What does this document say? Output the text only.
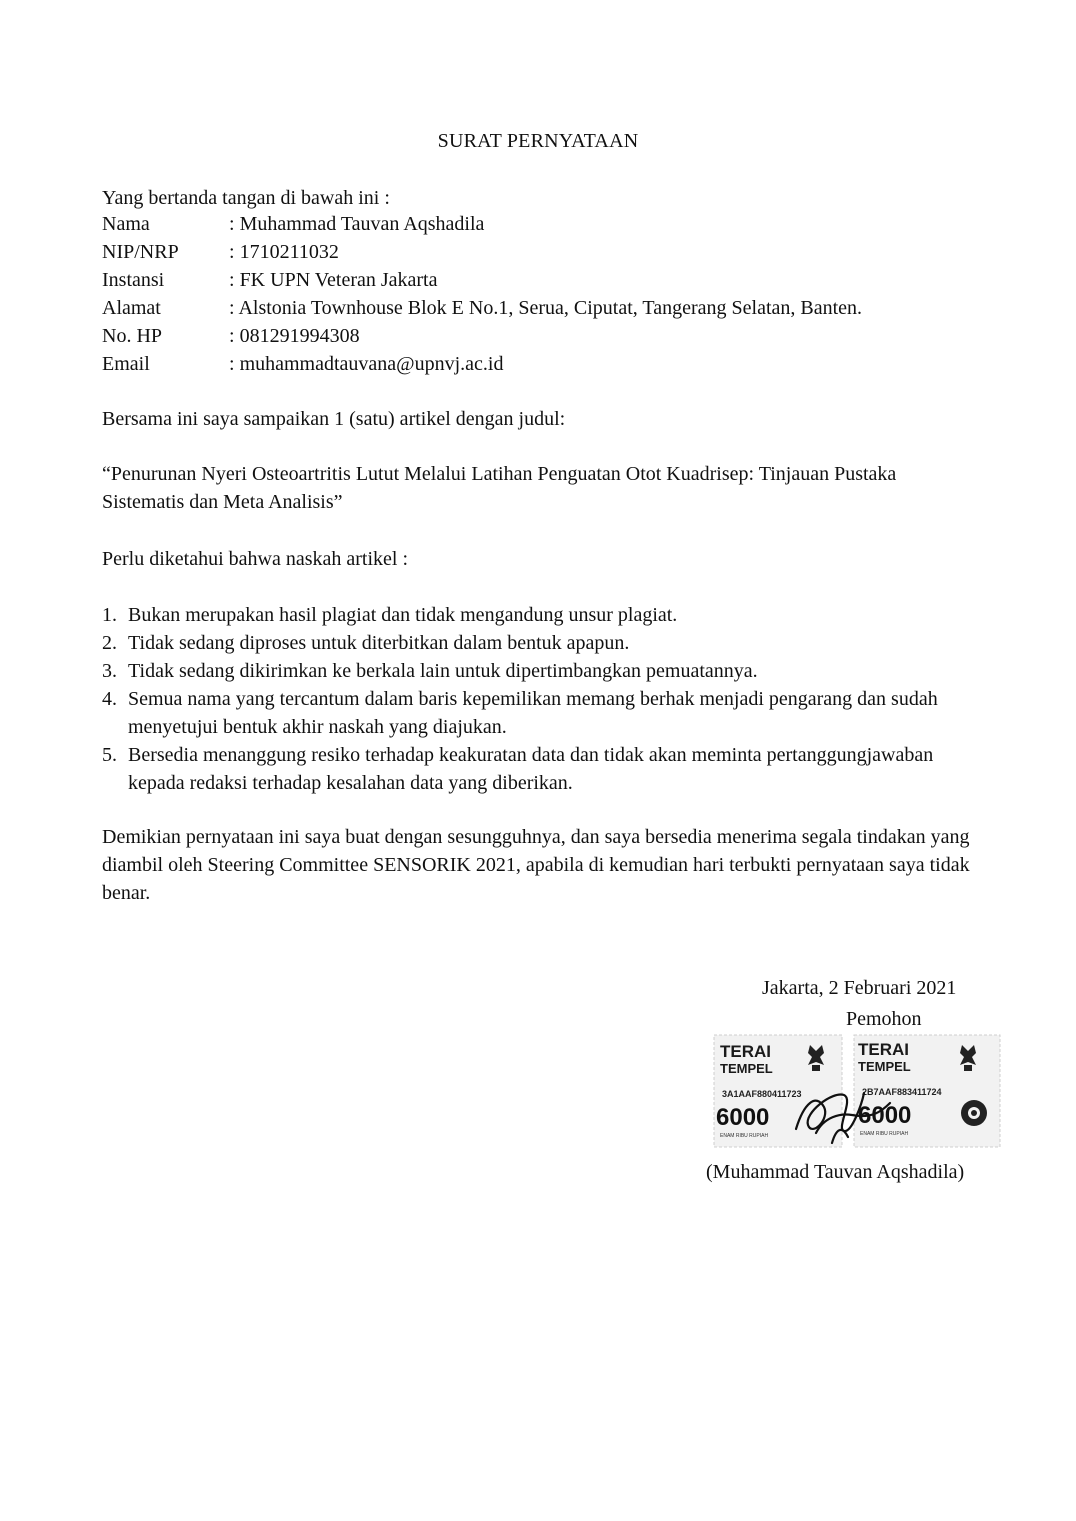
SURAT PERNYATAAN
Yang bertanda tangan di bawah ini :
Nama	: Muhammad Tauvan Aqshadila
NIP/NRP	: 1710211032
Instansi	: FK UPN Veteran Jakarta
Alamat	: Alstonia Townhouse Blok E No.1, Serua, Ciputat, Tangerang Selatan, Banten.
No. HP	: 081291994308
Email	: muhammadtauvana@upnvj.ac.id
Bersama ini saya sampaikan 1 (satu) artikel dengan judul:
“Penurunan Nyeri Osteoartritis Lutut Melalui Latihan Penguatan Otot Kuadrisep: Tinjauan Pustaka Sistematis dan Meta Analisis”
Perlu diketahui bahwa naskah artikel :
1. Bukan merupakan hasil plagiat dan tidak mengandung unsur plagiat.
2. Tidak sedang diproses untuk diterbitkan dalam bentuk apapun.
3. Tidak sedang dikirimkan ke berkala lain untuk dipertimbangkan pemuatannya.
4. Semua nama yang tercantum dalam baris kepemilikan memang berhak menjadi pengarang dan sudah menyetujui bentuk akhir naskah yang diajukan.
5. Bersedia menanggung resiko terhadap keakuratan data dan tidak akan meminta pertanggungjawaban kepada redaksi terhadap kesalahan data yang diberikan.
Demikian pernyataan ini saya buat dengan sesungguhnya, dan saya bersedia menerima segala tindakan yang diambil oleh Steering Committee SENSORIK 2021, apabila di kemudian hari terbukti pernyataan saya tidak benar.
Jakarta, 2 Februari 2021
Pemohon
TERAI
TEMPEL
3A1AAF880411723
6000
ENAM RIBU RUPIAH
TERAI
TEMPEL
2B7AAF883411724
6000
ENAM RIBU RUPIAH
(Muhammad Tauvan Aqshadila)
